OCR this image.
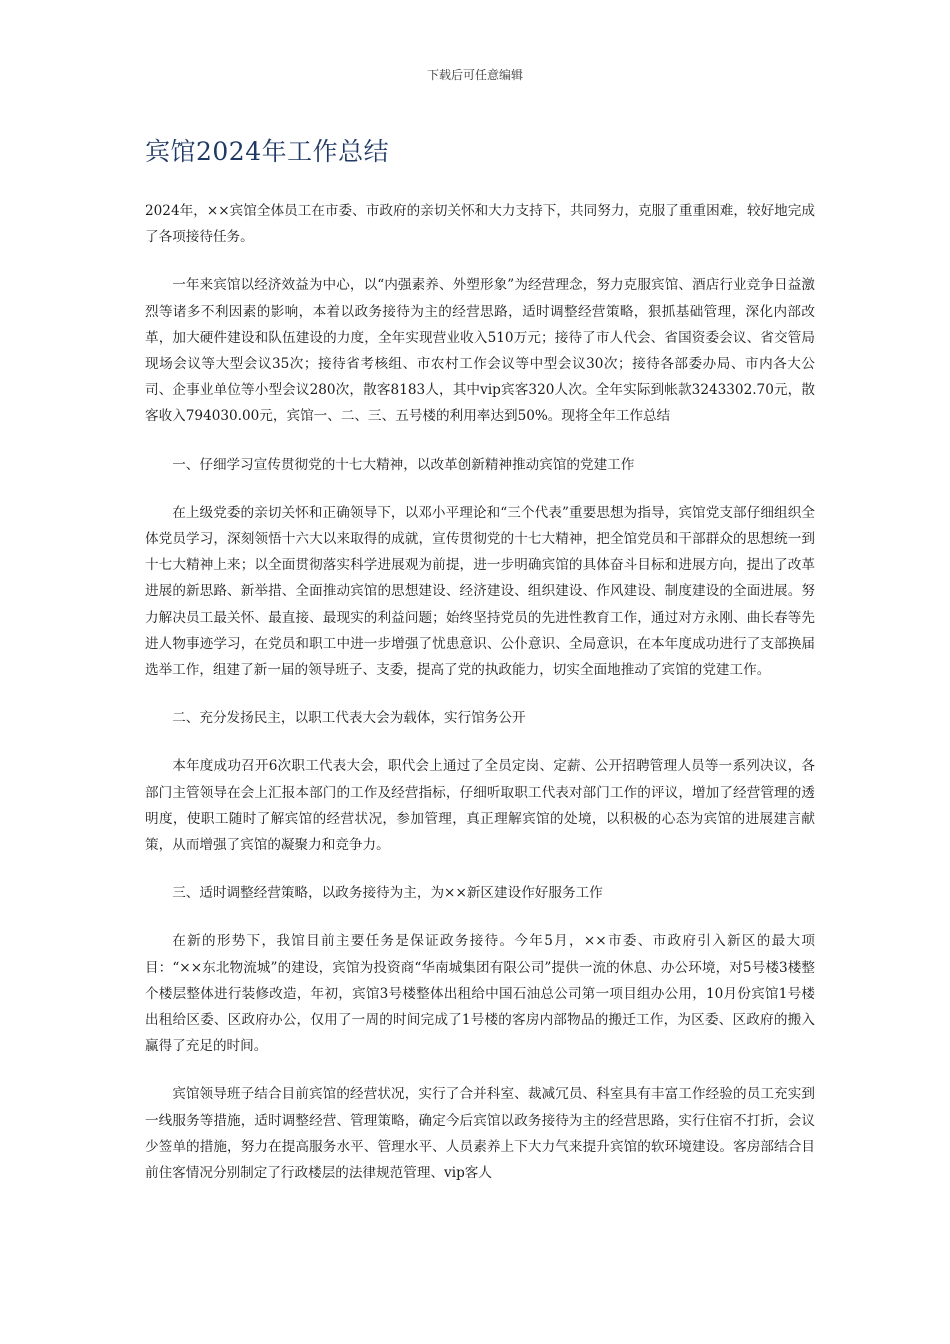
下载后可任意编辑
宾馆2024年工作总结

2024年，××宾馆全体员工在市委、市政府的亲切关怀和大力支持下，共同努力，克服了重重困难，较好地完成了各项接待任务。

一年来宾馆以经济效益为中心，以“内强素养、外塑形象”为经营理念，努力克服宾馆、酒店行业竞争日益激烈等诸多不利因素的影响，本着以政务接待为主的经营思路，适时调整经营策略，狠抓基础管理，深化内部改革，加大硬件建设和队伍建设的力度，全年实现营业收入510万元；接待了市人代会、省国资委会议、省交管局现场会议等大型会议35次；接待省考核组、市农村工作会议等中型会议30次；接待各部委办局、市内各大公司、企事业单位等小型会议280次，散客8183人，其中vip宾客320人次。全年实际到帐款3243302.70元，散客收入794030.00元，宾馆一、二、三、五号楼的利用率达到50%。现将全年工作总结

一、仔细学习宣传贯彻党的十七大精神，以改革创新精神推动宾馆的党建工作

在上级党委的亲切关怀和正确领导下，以邓小平理论和“三个代表”重要思想为指导，宾馆党支部仔细组织全体党员学习，深刻领悟十六大以来取得的成就，宣传贯彻党的十七大精神，把全馆党员和干部群众的思想统一到十七大精神上来；以全面贯彻落实科学进展观为前提，进一步明确宾馆的具体奋斗目标和进展方向，提出了改革进展的新思路、新举措、全面推动宾馆的思想建设、经济建设、组织建设、作风建设、制度建设的全面进展。努力解决员工最关怀、最直接、最现实的利益问题；始终坚持党员的先进性教育工作，通过对方永刚、曲长春等先进人物事迹学习，在党员和职工中进一步增强了忧患意识、公仆意识、全局意识，在本年度成功进行了支部换届选举工作，组建了新一届的领导班子、支委，提高了党的执政能力，切实全面地推动了宾馆的党建工作。

二、充分发扬民主，以职工代表大会为载体，实行馆务公开

本年度成功召开6次职工代表大会，职代会上通过了全员定岗、定薪、公开招聘管理人员等一系列决议，各部门主管领导在会上汇报本部门的工作及经营指标，仔细听取职工代表对部门工作的评议，增加了经营管理的透明度，使职工随时了解宾馆的经营状况，参加管理，真正理解宾馆的处境，以积极的心态为宾馆的进展建言献策，从而增强了宾馆的凝聚力和竞争力。

三、适时调整经营策略，以政务接待为主，为××新区建设作好服务工作

在新的形势下，我馆目前主要任务是保证政务接待。今年5月，××市委、市政府引入新区的最大项目：“××东北物流城”的建设，宾馆为投资商“华南城集团有限公司”提供一流的休息、办公环境，对5号楼3楼整个楼层整体进行装修改造，年初，宾馆3号楼整体出租给中国石油总公司第一项目组办公用，10月份宾馆1号楼出租给区委、区政府办公，仅用了一周的时间完成了1号楼的客房内部物品的搬迁工作，为区委、区政府的搬入赢得了充足的时间。

宾馆领导班子结合目前宾馆的经营状况，实行了合并科室、裁减冗员、科室具有丰富工作经验的员工充实到一线服务等措施，适时调整经营、管理策略，确定今后宾馆以政务接待为主的经营思路，实行住宿不打折，会议少签单的措施，努力在提高服务水平、管理水平、人员素养上下大力气来提升宾馆的软环境建设。客房部结合目前住客情况分别制定了行政楼层的法律规范管理、vip客人
